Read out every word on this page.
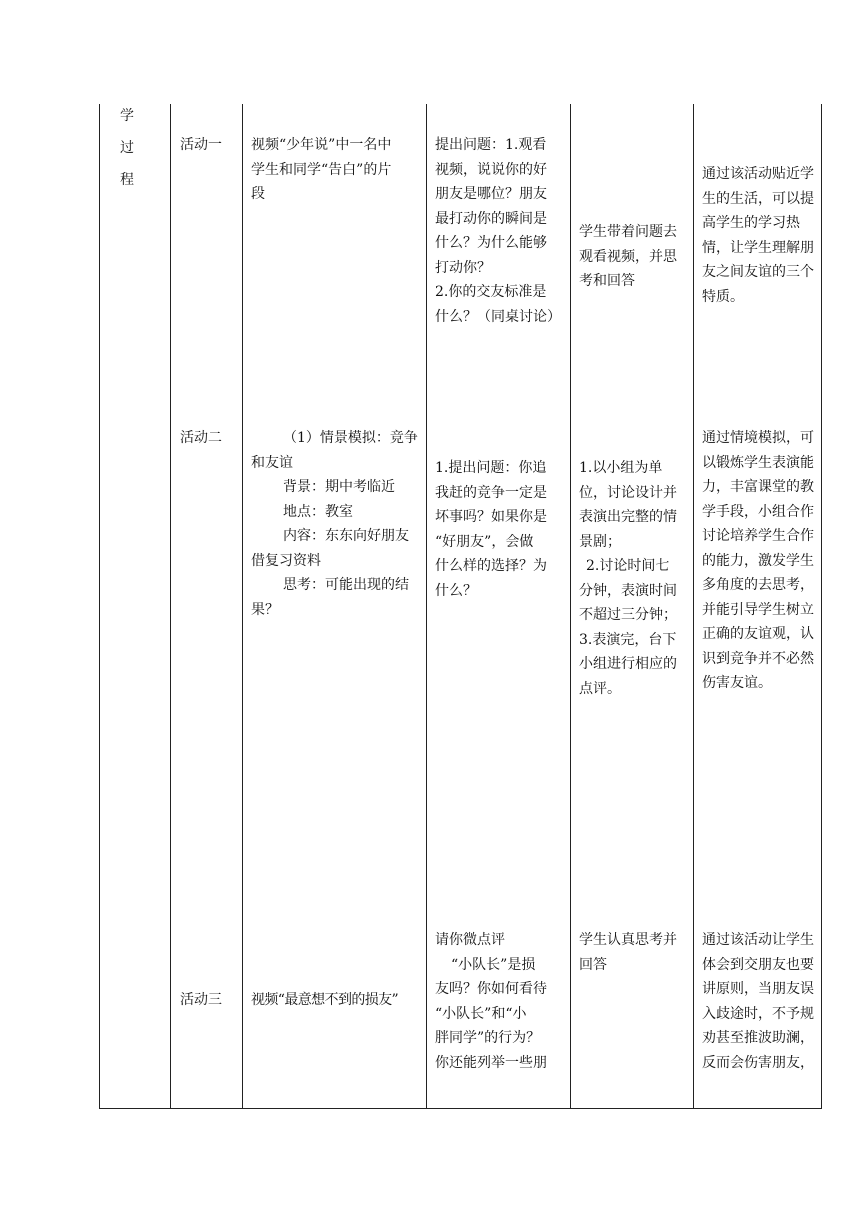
学
过
程
活动一 视频“少年说”中一名中
学生和同学“告白”的片
段
提出问题：1.观看
视频，说说你的好
朋友是哪位？朋友
最打动你的瞬间是
什么？为什么能够
打动你？
2.你的交友标准是
什么？（同桌讨论）
学生带着问题去
观看视频，并思
考和回答
通过该活动贴近学
生的生活，可以提
高学生的学习热
情，让学生理解朋
友之间友谊的三个
特质。
活动二	（1）情景模拟：竞争
和友谊
背景：期中考临近
地点：教室
内容：东东向好朋友
借复习资料
思考：可能出现的结
果？
1.提出问题：你追
我赶的竞争一定是
坏事吗？如果你是
“好朋友”，会做
什么样的选择？为
什么？
1.以小组为单
位，讨论设计并
表演出完整的情
景剧；
2.讨论时间七
分钟，表演时间
不超过三分钟；
3.表演完，台下
小组进行相应的
点评。
通过情境模拟，可
以锻炼学生表演能
力，丰富课堂的教
学手段，小组合作
讨论培养学生合作
的能力，激发学生
多角度的去思考，
并能引导学生树立
正确的友谊观，认
识到竞争并不必然
伤害友谊。
活动三 视频“最意想不到的损友”
请你微点评
“小队长”是损
友吗？你如何看待
“小队长”和“小
胖同学”的行为？
你还能列举一些朋
学生认真思考并
回答
通过该活动让学生
体会到交朋友也要
讲原则，当朋友误
入歧途时，不予规
劝甚至推波助澜，
反而会伤害朋友，
